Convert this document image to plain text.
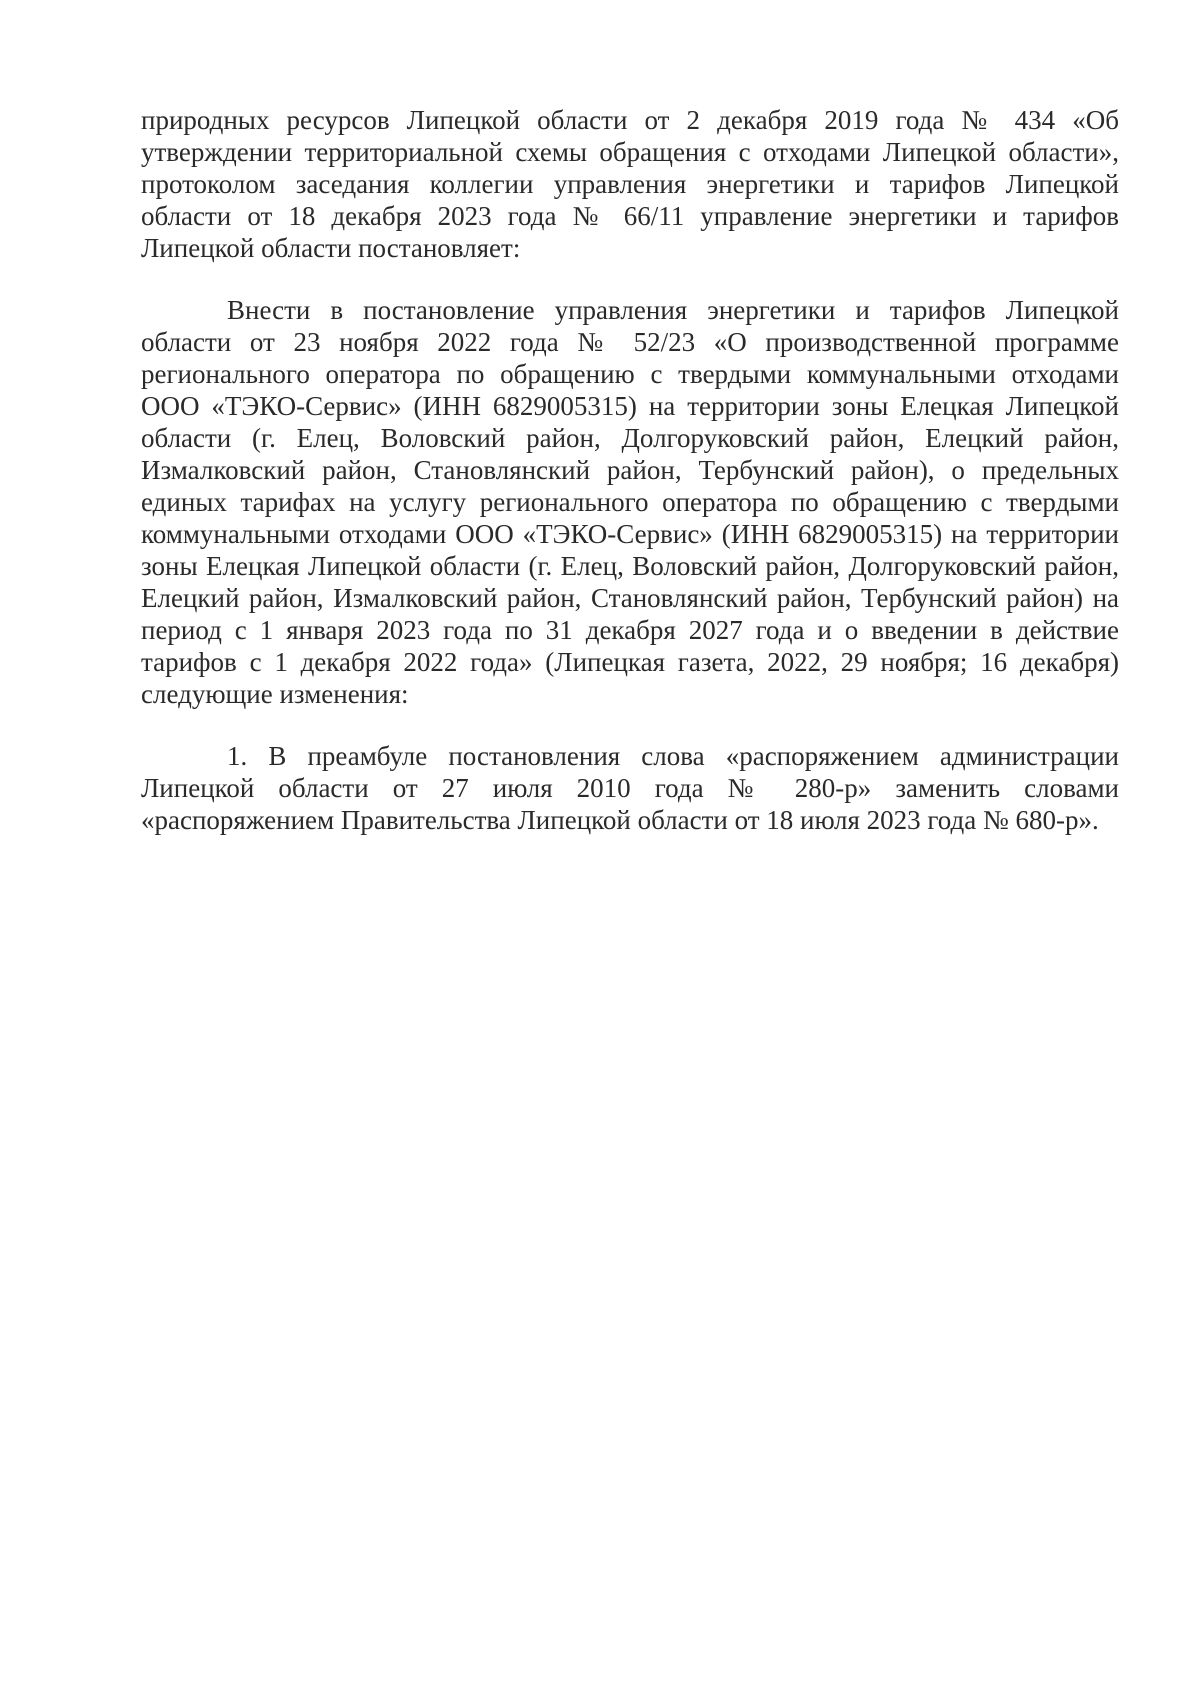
природных ресурсов Липецкой области от 2 декабря 2019 года № 434 «Об утверждении территориальной схемы обращения с отходами Липецкой области», протоколом заседания коллегии управления энергетики и тарифов Липецкой области от 18 декабря 2023 года № 66/11 управление энергетики и тарифов Липецкой области постановляет:

Внести в постановление управления энергетики и тарифов Липецкой области от 23 ноября 2022 года № 52/23 «О производственной программе регионального оператора по обращению с твердыми коммунальными отходами ООО «ТЭКО-Сервис» (ИНН 6829005315) на территории зоны Елецкая Липецкой области (г. Елец, Воловский район, Долгоруковский район, Елецкий район, Измалковский район, Становлянский район, Тербунский район), о предельных единых тарифах на услугу регионального оператора по обращению с твердыми коммунальными отходами ООО «ТЭКО-Сервис» (ИНН 6829005315) на территории зоны Елецкая Липецкой области (г. Елец, Воловский район, Долгоруковский район, Елецкий район, Измалковский район, Становлянский район, Тербунский район) на период с 1 января 2023 года по 31 декабря 2027 года и о введении в действие тарифов с 1 декабря 2022 года» (Липецкая газета, 2022, 29 ноября; 16 декабря) следующие изменения:

1. В преамбуле постановления слова «распоряжением администрации Липецкой области от 27 июля 2010 года № 280-р» заменить словами «распоряжением Правительства Липецкой области от 18 июля 2023 года № 680-р».
